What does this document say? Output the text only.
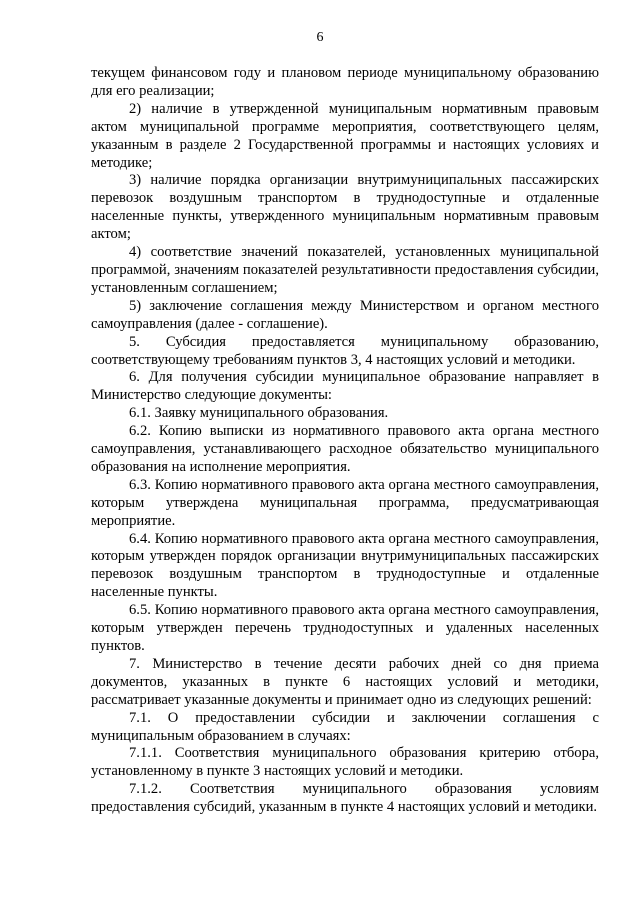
6

текущем финансовом году и плановом периоде муниципальному образованию для его реализации;

2) наличие в утвержденной муниципальным нормативным правовым актом муниципальной программе мероприятия, соответствующего целям, указанным в разделе 2 Государственной программы и настоящих условиях и методике;

3) наличие порядка организации внутримуниципальных пассажирских перевозок воздушным транспортом в труднодоступные и отдаленные населенные пункты, утвержденного муниципальным нормативным правовым актом;

4) соответствие значений показателей, установленных муниципальной программой, значениям показателей результативности предоставления субсидии, установленным соглашением;

5) заключение соглашения между Министерством и органом местного самоуправления (далее - соглашение).

5. Субсидия предоставляется муниципальному образованию, соответствующему требованиям пунктов 3, 4 настоящих условий и методики.

6. Для получения субсидии муниципальное образование направляет в Министерство следующие документы:

6.1. Заявку муниципального образования.

6.2. Копию выписки из нормативного правового акта органа местного самоуправления, устанавливающего расходное обязательство муниципального образования на исполнение мероприятия.

6.3. Копию нормативного правового акта органа местного самоуправления, которым утверждена муниципальная программа, предусматривающая мероприятие.

6.4. Копию нормативного правового акта органа местного самоуправления, которым утвержден порядок организации внутримуниципальных пассажирских перевозок воздушным транспортом в труднодоступные и отдаленные населенные пункты.

6.5. Копию нормативного правового акта органа местного самоуправления, которым утвержден перечень труднодоступных и удаленных населенных пунктов.

7. Министерство в течение десяти рабочих дней со дня приема документов, указанных в пункте 6 настоящих условий и методики, рассматривает указанные документы и принимает одно из следующих решений:

7.1. О предоставлении субсидии и заключении соглашения с муниципальным образованием в случаях:

7.1.1. Соответствия муниципального образования критерию отбора, установленному в пункте 3 настоящих условий и методики.

7.1.2. Соответствия муниципального образования условиям предоставления субсидий, указанным в пункте 4 настоящих условий и методики.
